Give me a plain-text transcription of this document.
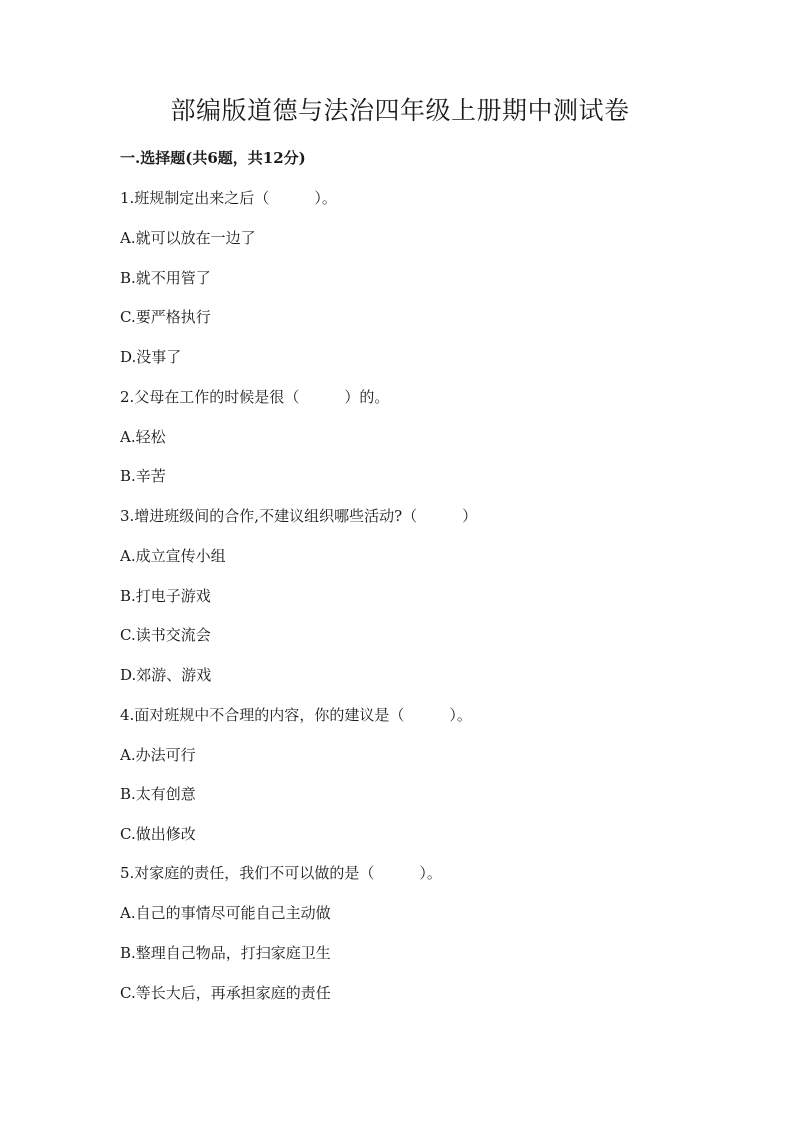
部编版道德与法治四年级上册期中测试卷
一.选择题(共6题，共12分)
1.班规制定出来之后（　　　）。
A.就可以放在一边了
B.就不用管了
C.要严格执行
D.没事了
2.父母在工作的时候是很（　　　）的。
A.轻松
B.辛苦
3.增进班级间的合作,不建议组织哪些活动?（　　　）
A.成立宣传小组
B.打电子游戏
C.读书交流会
D.郊游、游戏
4.面对班规中不合理的内容，你的建议是（　　　）。
A.办法可行
B.太有创意
C.做出修改
5.对家庭的责任，我们不可以做的是（　　　）。
A.自己的事情尽可能自己主动做
B.整理自己物品，打扫家庭卫生
C.等长大后，再承担家庭的责任
